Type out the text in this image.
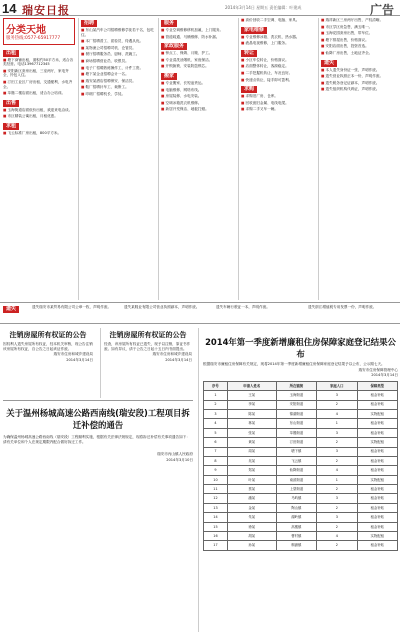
14 瑞安日报	2014年3月14日 星期五 责任编辑：叶建成	广告
分类天地
服务热线:0577-65917777
出租
■ 塘下商铺出租，面积约50平方米，适合各类经营。电话13967712345
■ 安阳新区套房出租，三室两厅，家电齐全，拎包入住。
■ 汀田工业区厂房出租，交通便利，水电齐全。
■ 莘塍二楼店面出租，适合办公培训。
出售
■ 玉海街道店面低价出租，欢迎来电洽谈。
■ 市区精装公寓出租，月租优惠。
求租
■ 飞云标准厂房出租，800平方米。
招聘
■ 东山某汽车公司招聘维修学徒若干名，包吃住。
■ 本厂招聘普工、质检员，待遇从优。
■ 某物流公司招聘司机、仓管员。
■ 餐厅招聘服务员、厨师、洗碗工。
■ 商场招聘营业员、收银员。
■ 电子厂招聘熟练操作工，计件工资。
■ 塘下某企业招聘会计一名。
■ 瑞安某酒店招聘保安、保洁员。
■ 鞋厂招聘针车工、裁断工。
■ 印刷厂招聘机长、学徒。
服务
■ 专业空调维修移机加氟，上门服务。
■ 管道疏通、马桶维修、防水补漏。
家政服务
■ 钟点工、保姆、月嫂、护工。
■ 专业清洗油烟机、家庭保洁。
■ 开锁换锁、安装防盗锁芯。
搬家
■ 专业搬家、长短途货运。
■ 电脑维修、网络布线。
■ 房屋装修、水电安装。
■ 空调冰箱洗衣机维修。
■ 新居开荒保洁、地板打蜡。
■ 高价回收二手空调、电脑、家具。
家电维修
■ 专业维修冰箱、洗衣机、热水器。
■ 液晶电视维修，上门服务。
转让
■ 小区车位转让，价格面议。
■ 店面整体转让，客源稳定。
■ 二手挖掘机转让，车况良好。
■ 快递点转让，接手即可盈利。
求购
■ 求购旧厂房、仓库。
■ 回收废旧金属、电线电缆。
■ 求购二手叉车一辆。
■ 瑞祥新区三房两厅出售，产权清晰。
■ 市区学区房急售，满五唯一。
■ 玉海花园套房出售，带车位。
■ 塘下排屋出售，价格面议。
■ 安阳店面出售，投资首选。
■ 仙降厂房出售，土地证齐全。
遗失
■ 本人遗失身份证一张，声明作废。
■ 遗失营业执照正本一份，声明作废。
■ 遗失税务登记证副本，声明作废。
■ 遗失组织机构代码证，声明作废。
遗失	遗失瑞安市某贸易有限公司公章一枚，声明作废。	遗失某鞋业有限公司营业执照副本，声明作废。	遗失车辆行驶证一本，声明作废。	遗失浙江增值税专用发票一份，声明作废。
注销房屋所有权证的公告
因权利人遗失房屋所有权证，经本机关审核，现公告注销该房屋所有权证，自公告之日起该证作废。
瑞安市住房和城乡建设局
2014年3月14日
注销房屋所有权证的公告
经查，该房屋所有权证已遗失，现予以注销，原证书作废。如有异议，请于公告之日起十五日内书面提出。
瑞安市住房和城乡建设局
2014年3月14日
关于温州杨城高速公路西南线(瑞安段)工程项目拆迁补偿的通告
为确保温州杨城高速公路西南线（瑞安段）工程顺利实施，根据有关法律法规规定，现将拆迁补偿有关事项通告如下：请有关单位和个人在规定期限内配合做好拆迁工作。
瑞安市丙山镇人民政府
2014年3月10日
2014年第一季度新增廉租住房保障家庭登记结果公布
根据瑞安市廉租住房保障有关规定，现将2014年第一季度新增廉租住房保障家庭登记结果予以公布，公示期七天。
瑞安市住房保障管理中心
2014年3月14日
序号	申请人姓名	所在镇街	家庭人口	保障类型
1	王某	玉海街道	3	租金补贴
2	李某	安阳街道	2	租金补贴
3	陈某	锦湖街道	4	实物配租
4	林某	东山街道	1	租金补贴
5	张某	莘塍街道	3	租金补贴
6	黄某	汀田街道	2	实物配租
7	周某	塘下镇	3	租金补贴
8	吴某	飞云镇	2	租金补贴
9	郑某	仙降街道	4	租金补贴
10	叶某	南滨街道	1	实物配租
11	蔡某	上望街道	2	租金补贴
12	潘某	马屿镇	3	租金补贴
13	金某	陶山镇	2	租金补贴
14	朱某	湖岭镇	3	租金补贴
15	徐某	高楼镇	2	租金补贴
16	胡某	曹村镇	4	实物配租
17	孙某	桐浦镇	2	租金补贴
